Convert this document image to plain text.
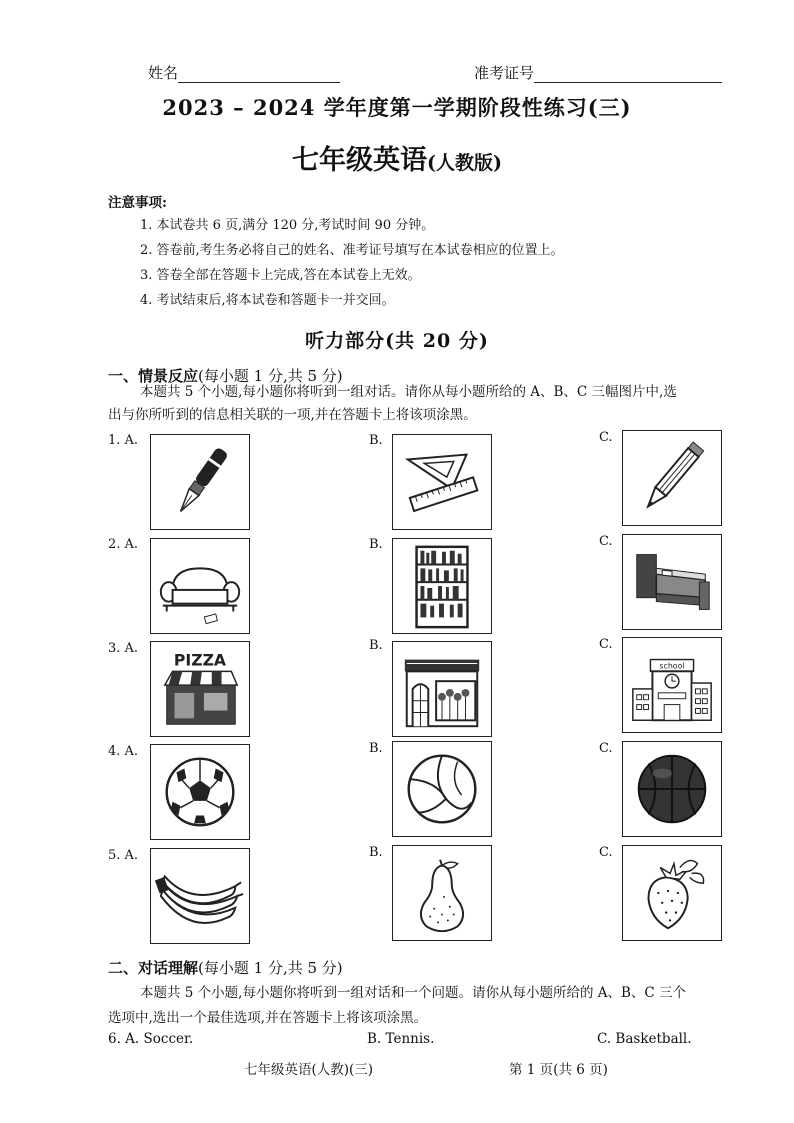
姓名	准考证号
2023 – 2024 学年度第一学期阶段性练习(三)
七年级英语(人教版)
注意事项:
1. 本试卷共 6 页,满分 120 分,考试时间 90 分钟。
2. 答卷前,考生务必将自己的姓名、准考证号填写在本试卷相应的位置上。
3. 答卷全部在答题卡上完成,答在本试卷上无效。
4. 考试结束后,将本试卷和答题卡一并交回。
听力部分(共 20 分)
一、情景反应(每小题 1 分,共 5 分)
本题共 5 个小题,每小题你将听到一组对话。请你从每小题所给的 A、B、C 三幅图片中,选
出与你所听到的信息相关联的一项,并在答题卡上将该项涂黑。
1. A.	B.	C.
2. A.	B.	C.
3. A.	B.	C.
PIZZA	school
4. A.	B.	C.
5. A.	B.	C.
二、对话理解(每小题 1 分,共 5 分)
本题共 5 个小题,每小题你将听到一组对话和一个问题。请你从每小题所给的 A、B、C 三个
选项中,选出一个最佳选项,并在答题卡上将该项涂黑。
6. A. Soccer.	B. Tennis.	C. Basketball.
七年级英语(人教)(三)	第 1 页(共 6 页)
